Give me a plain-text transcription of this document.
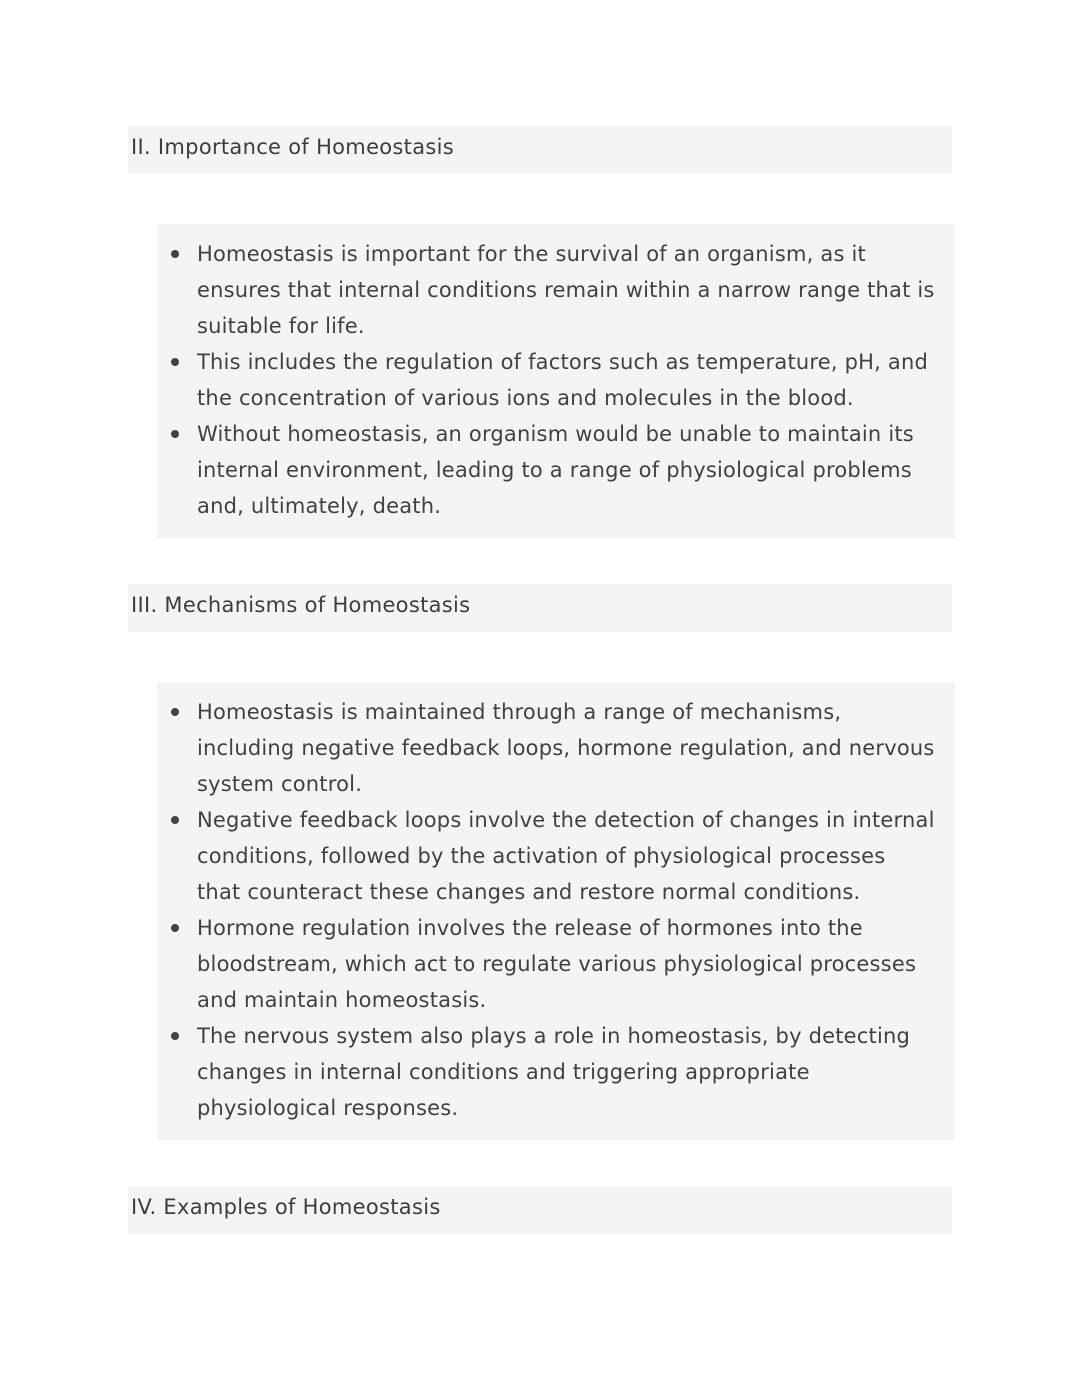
II. Importance of Homeostasis
Homeostasis is important for the survival of an organism, as it ensures that internal conditions remain within a narrow range that is suitable for life.
This includes the regulation of factors such as temperature, pH, and the concentration of various ions and molecules in the blood.
Without homeostasis, an organism would be unable to maintain its internal environment, leading to a range of physiological problems and, ultimately, death.
III. Mechanisms of Homeostasis
Homeostasis is maintained through a range of mechanisms, including negative feedback loops, hormone regulation, and nervous system control.
Negative feedback loops involve the detection of changes in internal conditions, followed by the activation of physiological processes that counteract these changes and restore normal conditions.
Hormone regulation involves the release of hormones into the bloodstream, which act to regulate various physiological processes and maintain homeostasis.
The nervous system also plays a role in homeostasis, by detecting changes in internal conditions and triggering appropriate physiological responses.
IV. Examples of Homeostasis
